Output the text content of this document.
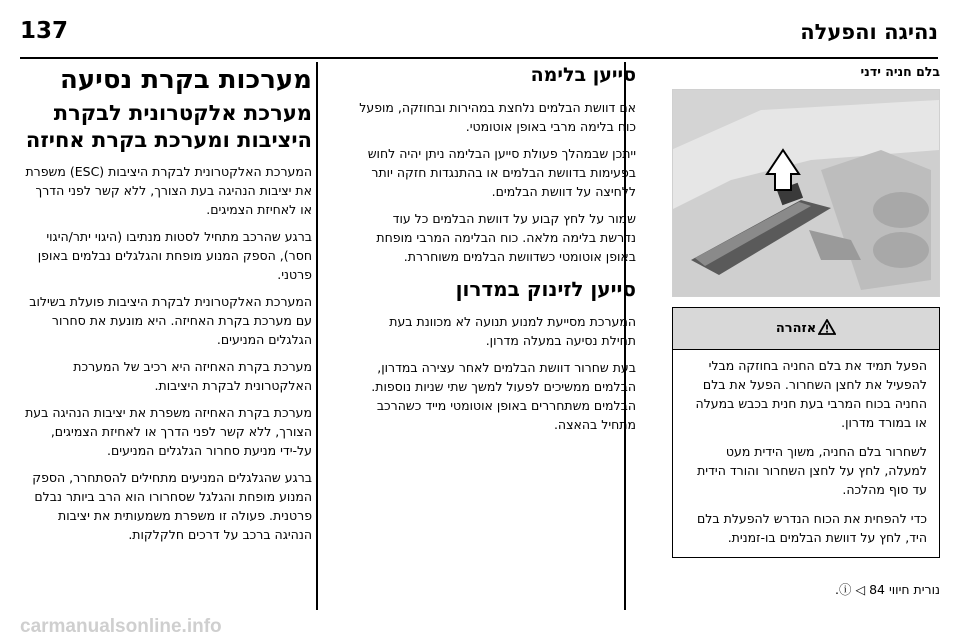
נהיגה והפעלה
137
בלם חניה ידני
אזהרה

הפעל תמיד את בלם החניה בחוזקה מבלי להפעיל את לחצן השחרור. הפעל את בלם החניה בכוח המרבי בעת חנית בכבש במעלה או במורד מדרון.

לשחרור בלם החניה, משוך הידית מעט למעלה, לחץ על לחצן השחרור והורד הידית עד סוף מהלכה.

כדי להפחית את הכוח הנדרש להפעלת בלם היד, לחץ על דוושת הבלמים בו-זמנית.

נורית חיווי ⓘ ◁ 84.
סייען בלימה

אם דוושת הבלמים נלחצת במהירות ובחוזקה, מופעל כוח בלימה מרבי באופן אוטומטי.

ייתכן שבמהלך פעולת סייען הבלימה ניתן יהיה לחוש בפעימות בדוושת הבלמים או בהתנגדות חזקה יותר ללחיצה על דוושת הבלמים.

שמור על לחץ קבוע על דוושת הבלמים כל עוד נדרשת בלימה מלאה. כוח הבלימה המרבי מופחת באופן אוטומטי כשדוושת הבלמים משוחררת.

סייען לזינוק במדרון

המערכת מסייעת למנוע תנועה לא מכוונת בעת תחילת נסיעה במעלה מדרון.

בעת שחרור דוושת הבלמים לאחר עצירה במדרון, הבלמים ממשיכים לפעול למשך שתי שניות נוספות. הבלמים משתחררים באופן אוטומטי מייד כשהרכב מתחיל בהאצה.

מערכות בקרת נסיעה
מערכת אלקטרונית לבקרת היציבות ומערכת בקרת אחיזה

המערכת האלקטרונית לבקרת היציבות (ESC) משפרת את יציבות הנהיגה בעת הצורך, ללא קשר לפני הדרך או לאחיזת הצמיגים.

ברגע שהרכב מתחיל לסטות מנתיבו (היגוי יתר/היגוי חסר), הספק המנוע מופחת והגלגלים נבלמים באופן פרטני.

המערכת האלקטרונית לבקרת היציבות פועלת בשילוב עם מערכת בקרת האחיזה. היא מונעת את סחרור הגלגלים המניעים.

מערכת בקרת האחיזה היא רכיב של המערכת האלקטרונית לבקרת היציבות.

מערכת בקרת האחיזה משפרת את יציבות הנהיגה בעת הצורך, ללא קשר לפני הדרך או לאחיזת הצמיגים, על-ידי מניעת סחרור הגלגלים המניעים.

ברגע שהגלגלים המניעים מתחילים להסתחרר, הספק המנוע מופחת והגלגל שסחרורו הוא הרב ביותר נבלם פרטנית. פעולה זו משפרת משמעותית את יציבות הנהיגה ברכב על דרכים חלקלקות.

carmanualsonline.info
